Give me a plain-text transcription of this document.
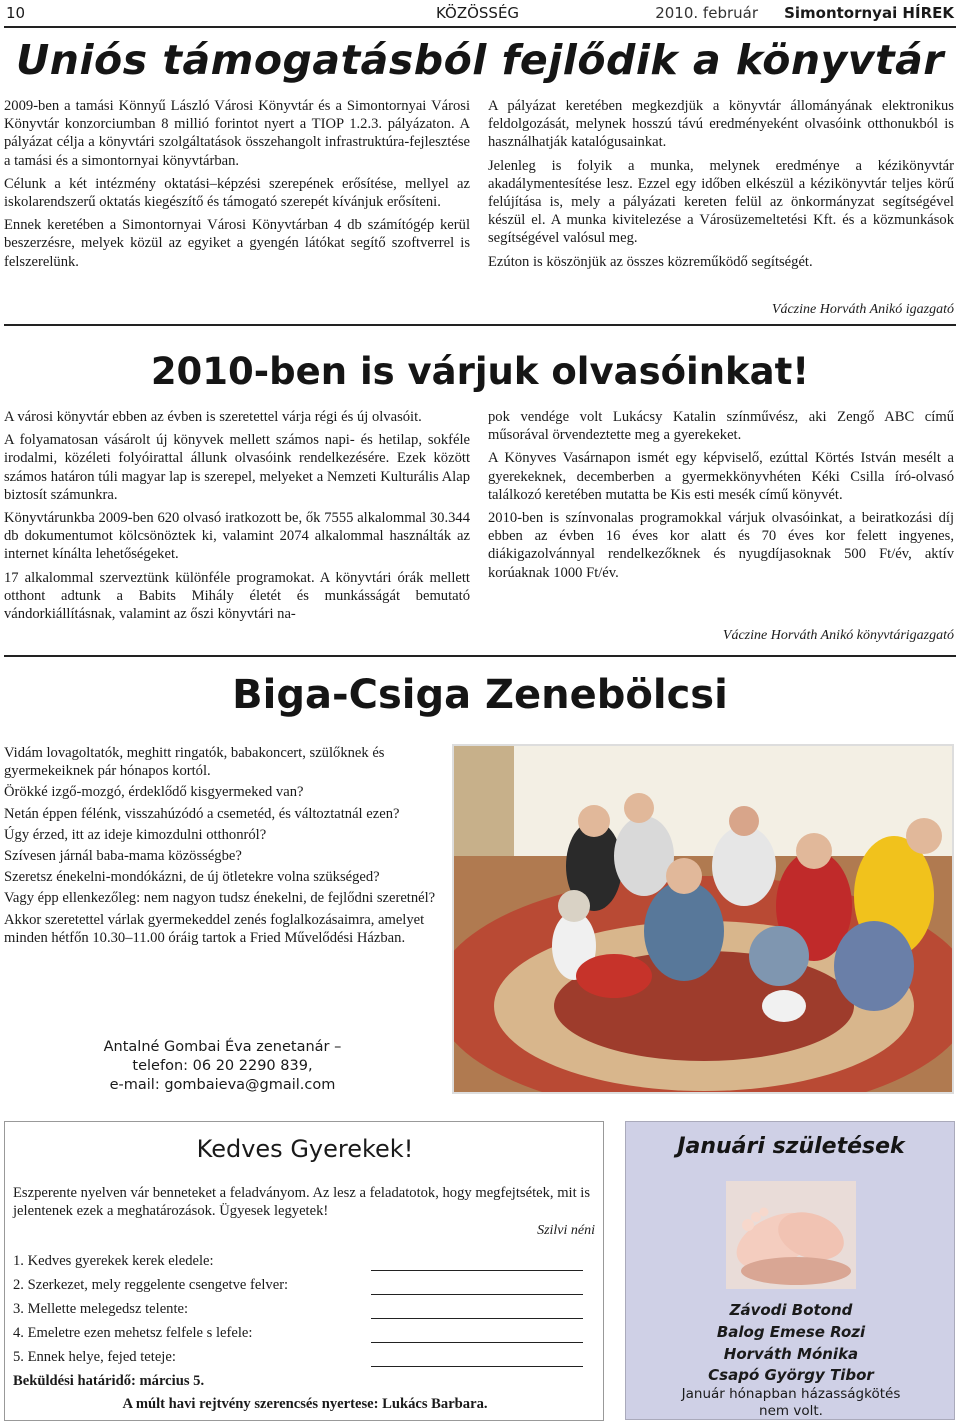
10	KÖZÖSSÉG	2010. február Simontornyai HÍREK
Uniós támogatásból fejlődik a könyvtár

2009-ben a tamási Könnyű László Városi Könyvtár és a Simontornyai Városi Könyvtár konzorciumban 8 millió forintot nyert a TIOP 1.2.3. pályázaton. A pályázat célja a könyvtári szolgáltatások összehangolt infrastruktúra-fejlesztése a tamási és a simontornyai könyvtárban.

Célunk a két intézmény oktatási–képzési szerepének erősítése, mellyel az iskolarendszerű oktatás kiegészítő és támogató szerepét kívánjuk erősíteni.

Ennek keretében a Simontornyai Városi Könyvtárban 4 db számítógép kerül beszerzésre, melyek közül az egyiket a gyengén látókat segítő szoftverrel is felszerelünk.

A pályázat keretében megkezdjük a könyvtár állományának elektronikus feldolgozását, melynek hosszú távú eredményeként olvasóink otthonukból is használhatják katalógusainkat.

Jelenleg is folyik a munka, melynek eredménye a kézikönyvtár akadálymentesítése lesz. Ezzel egy időben elkészül a kézikönyvtár teljes körű felújítása is, mely a pályázati kereten felül az önkormányzat segítségével készül el. A munka kivitelezése a Városüzemeltetési Kft. és a közmunkások segítségével valósul meg.

Ezúton is köszönjük az összes közreműködő segítségét.

Váczine Horváth Anikó igazgató
2010-ben is várjuk olvasóinkat!

A városi könyvtár ebben az évben is szeretettel várja régi és új olvasóit.

A folyamatosan vásárolt új könyvek mellett számos napi- és hetilap, sokféle irodalmi, közéleti folyóirattal állunk olvasóink rendelkezésére. Ezek között számos határon túli magyar lap is szerepel, melyeket a Nemzeti Kulturális Alap biztosít számunkra.

Könyvtárunkba 2009-ben 620 olvasó iratkozott be, ők 7555 alkalommal 30.344 db dokumentumot kölcsönöztek ki, valamint 2074 alkalommal használták az internet kínálta lehetőségeket.

17 alkalommal szerveztünk különféle programokat. A könyvtári órák mellett otthont adtunk a Babits Mihály életét és munkásságát bemutató vándorkiállításnak, valamint az őszi könyvtári na-

pok vendége volt Lukácsy Katalin színművész, aki Zengő ABC című műsorával örvendeztette meg a gyerekeket.

A Könyves Vasárnapon ismét egy képviselő, ezúttal Körtés István mesélt a gyerekeknek, decemberben a gyermekkönyvhéten Kéki Csilla író-olvasó találkozó keretében mutatta be Kis esti mesék című könyvét.

2010-ben is színvonalas programokkal várjuk olvasóinkat, a beiratkozási díj ebben az évben 16 éves kor alatt és 70 éves kor felett ingyenes, diákigazolvánnyal rendelkezőknek és nyugdíjasoknak 500 Ft/év, aktív korúaknak 1000 Ft/év.

Váczine Horváth Anikó könyvtárigazgató
Biga-Csiga Zenebölcsi

Vidám lovagoltatók, meghitt ringatók, babakoncert, szülőknek és gyermekeiknek pár hónapos kortól.

Örökké izgő-mozgó, érdeklődő kisgyermeked van?

Netán éppen félénk, visszahúzódó a csemetéd, és változtatnál ezen?

Úgy érzed, itt az ideje kimozdulni otthonról?

Szívesen járnál baba-mama közösségbe?

Szeretsz énekelni-mondókázni, de új ötletekre volna szükséged?

Vagy épp ellenkezőleg: nem nagyon tudsz énekelni, de fejlődni szeretnél?

Akkor szeretettel várlak gyermekeddel zenés foglalkozásaimra, amelyet minden hétfőn 10.30–11.00 óráig tartok a Fried Művelődési Házban.

Antalné Gombai Éva zenetanár –
telefon: 06 20 2290 839,
e-mail: gombaieva@gmail.com
Kedves Gyerekek!
Eszperente nyelven vár benneteket a feladványom. Az lesz a feladatotok, hogy megfejtsétek, mit is jelentenek ezek a meghatározások. Ügyesek legyetek!
Szilvi néni
1. Kedves gyerekek kerek eledele:
2. Szerkezet, mely reggelente csengetve felver:
3. Mellette melegedsz telente:
4. Emeletre ezen mehetsz felfele s lefele:
5. Ennek helye, fejed teteje:
Beküldési határidő: március 5.
A múlt havi rejtvény szerencsés nyertese: Lukács Barbara.
Januári születések
Závodi Botond
Balog Emese Rozi
Horváth Mónika
Csapó György Tibor
Január hónapban házasságkötés
nem volt.
